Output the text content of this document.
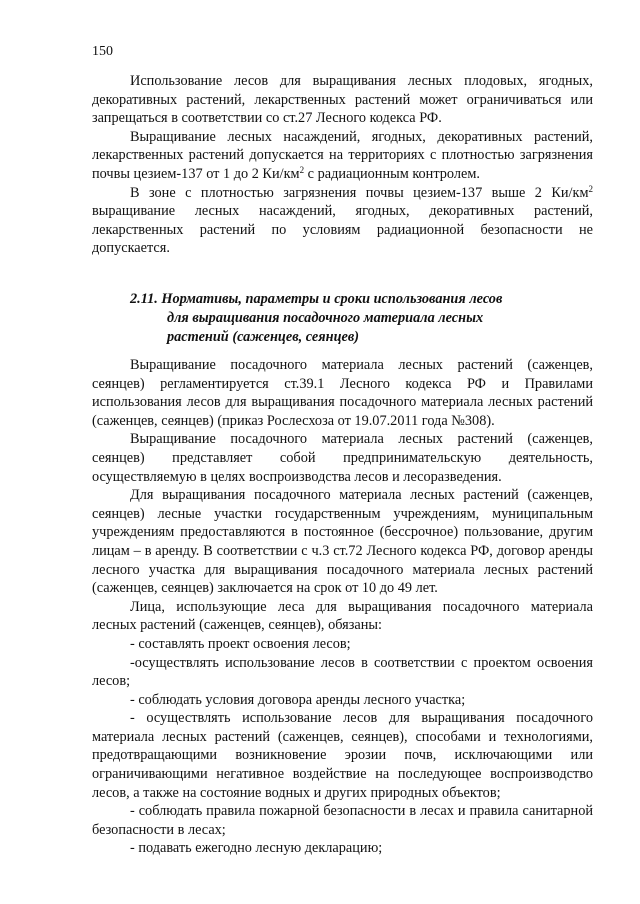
150

Использование лесов для выращивания лесных плодовых, ягодных, декоративных растений, лекарственных растений может ограничиваться или запрещаться в соответствии со ст.27 Лесного кодекса РФ.

Выращивание лесных насаждений, ягодных, декоративных растений, лекарственных растений допускается на территориях с плотностью загрязнения почвы цезием-137 от 1 до 2 $Ки/км^2$ с радиационным контролем.

В зоне с плотностью загрязнения почвы цезием-137 выше 2 $Ки/км^2$ выращивание лесных насаждений, ягодных, декоративных растений, лекарственных растений по условиям радиационной безопасности не допускается.

2.11. Нормативы, параметры и сроки использования лесов
для выращивания посадочного материала лесных
растений (саженцев, сеянцев)

Выращивание посадочного материала лесных растений (саженцев, сеянцев) регламентируется ст.39.1 Лесного кодекса РФ и Правилами использования лесов для выращивания посадочного материала лесных растений (саженцев, сеянцев) (приказ Рослесхоза от 19.07.2011 года №308).

Выращивание посадочного материала лесных растений (саженцев, сеянцев) представляет собой предпринимательскую деятельность, осуществляемую в целях воспроизводства лесов и лесоразведения.

Для выращивания посадочного материала лесных растений (саженцев, сеянцев) лесные участки государственным учреждениям, муниципальным учреждениям предоставляются в постоянное (бессрочное) пользование, другим лицам – в аренду. В соответствии с ч.3 ст.72 Лесного кодекса РФ, договор аренды лесного участка для выращивания посадочного материала лесных растений (саженцев, сеянцев) заключается на срок от 10 до 49 лет.

Лица, использующие леса для выращивания посадочного материала лесных растений (саженцев, сеянцев), обязаны:

- составлять проект освоения лесов;

-осуществлять использование лесов в соответствии с проектом освоения лесов;

- соблюдать условия договора аренды лесного участка;

- осуществлять использование лесов для выращивания посадочного материала лесных растений (саженцев, сеянцев), способами и технологиями, предотвращающими возникновение эрозии почв, исключающими или ограничивающими негативное воздействие на последующее воспроизводство лесов, а также на состояние водных и других природных объектов;

- соблюдать правила пожарной безопасности в лесах и правила санитарной безопасности в лесах;

- подавать ежегодно лесную декларацию;
